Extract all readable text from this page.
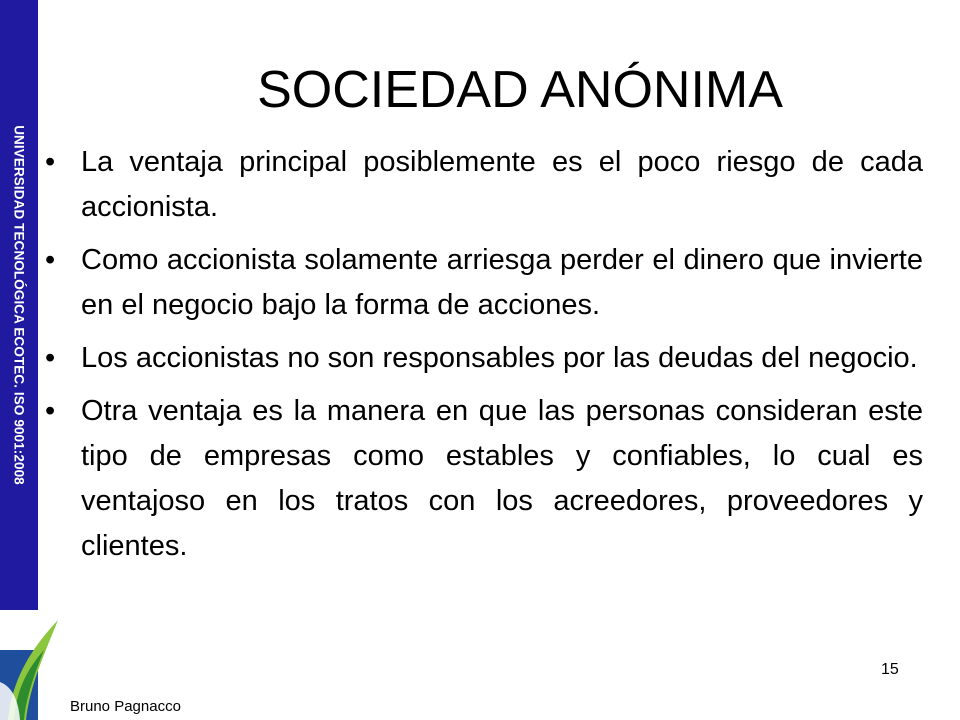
UNIVERSIDAD TECNOLÓGICA ECOTEC. ISO 9001:2008
SOCIEDAD ANÓNIMA
• La ventaja principal posiblemente es el poco riesgo de cada accionista.
• Como accionista solamente arriesga perder el dinero que invierte en el negocio bajo la forma de acciones.
• Los accionistas no son responsables por las deudas del negocio.
• Otra ventaja es la manera en que las personas consideran este tipo de empresas como estables y confiables, lo cual es ventajoso en los tratos con los acreedores, proveedores y clientes.
15
Bruno Pagnacco
